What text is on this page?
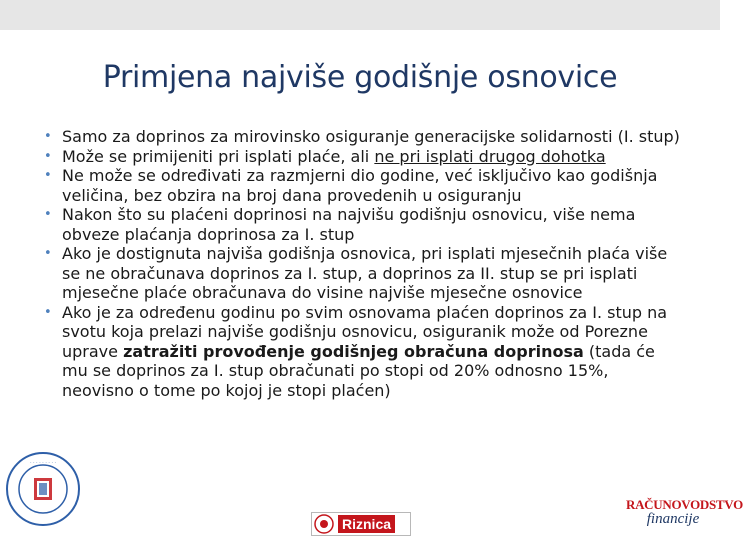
Primjena najviše godišnje osnovice
• Samo za doprinos za mirovinsko osiguranje generacijske solidarnosti (I. stup)
• Može se primijeniti pri isplati plaće, ali ne pri isplati drugog dohotka
• Ne može se određivati za razmjerni dio godine, već isključivo kao godišnja veličina, bez obzira na broj dana provedenih u osiguranju
• Nakon što su plaćeni doprinosi na najvišu godišnju osnovicu, više nema obveze plaćanja doprinosa za I. stup
• Ako je dostignuta najviša godišnja osnovica, pri isplati mjesečnih plaća više se ne obračunava doprinos za I. stup, a doprinos za II. stup se pri isplati mjesečne plaće obračunava do visine najviše mjesečne osnovice
• Ako je za određenu godinu po svim osnovama plaćen doprinos za I. stup na svotu koja prelazi najviše godišnju osnovicu, osiguranik može od Porezne uprave zatražiti provođenje godišnjeg obračuna doprinosa (tada će mu se doprinos za I. stup obračunati po stopi od 20% odnosno 15%, neovisno o tome po kojoj je stopi plaćen)
· · · · · · · · ·
Riznica
RAČUNOVODSTVO
financije
